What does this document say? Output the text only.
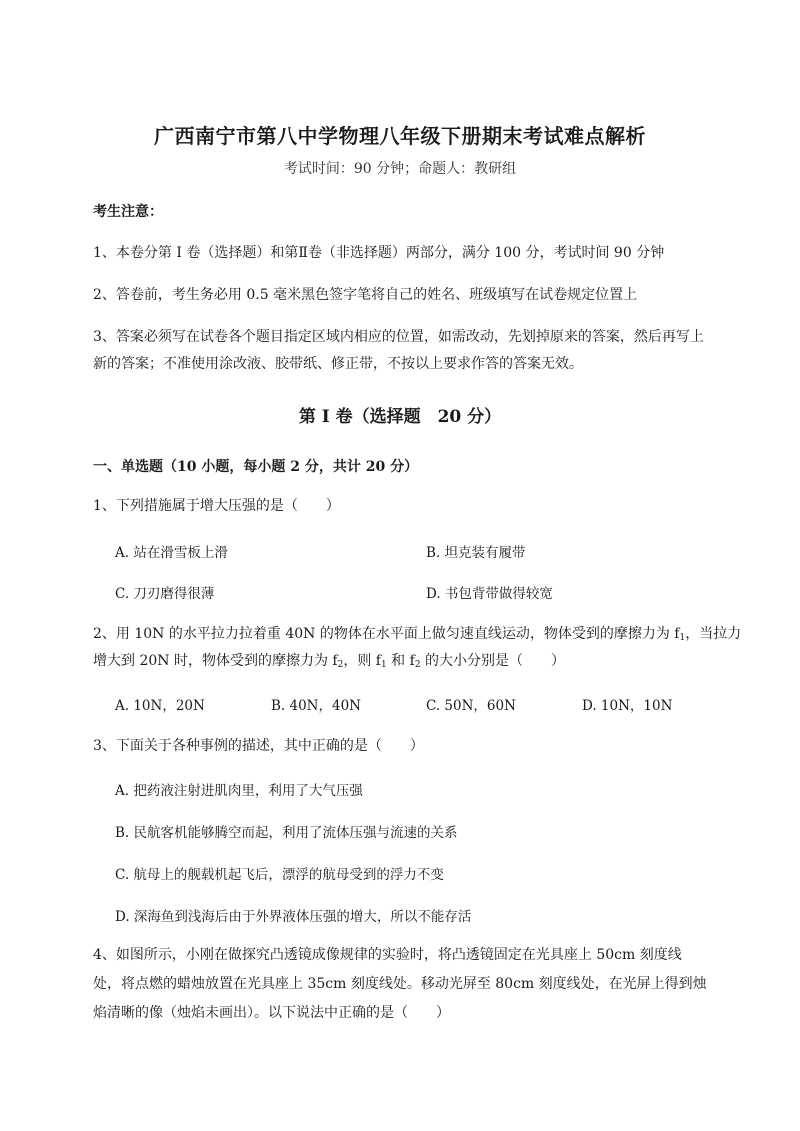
广西南宁市第八中学物理八年级下册期末考试难点解析
考试时间：90 分钟；命题人：教研组
考生注意：
1、本卷分第 I 卷（选择题）和第Ⅱ卷（非选择题）两部分，满分 100 分，考试时间 90 分钟
2、答卷前，考生务必用 0.5 毫米黑色签字笔将自己的姓名、班级填写在试卷规定位置上
3、答案必须写在试卷各个题目指定区域内相应的位置，如需改动，先划掉原来的答案，然后再写上新的答案；不准使用涂改液、胶带纸、修正带，不按以上要求作答的答案无效。
第 I 卷（选择题　20 分）
一、单选题（10 小题，每小题 2 分，共计 20 分）
1、下列措施属于增大压强的是（　　）
A. 站在滑雪板上滑	B. 坦克装有履带
C. 刀刃磨得很薄	D. 书包背带做得较宽
2、用 10N 的水平拉力拉着重 40N 的物体在水平面上做匀速直线运动，物体受到的摩擦力为 $f_1$，当拉力
增大到 20N 时，物体受到的摩擦力为 $f_2$，则 $f_1$ 和 $f_2$ 的大小分别是（　　）
A. 10N，20N	B. 40N，40N	C. 50N，60N	D. 10N，10N
3、下面关于各种事例的描述，其中正确的是（　　）
A. 把药液注射进肌肉里，利用了大气压强
B. 民航客机能够腾空而起，利用了流体压强与流速的关系
C. 航母上的舰载机起飞后，漂浮的航母受到的浮力不变
D. 深海鱼到浅海后由于外界液体压强的增大，所以不能存活
4、如图所示，小刚在做探究凸透镜成像规律的实验时，将凸透镜固定在光具座上 50cm 刻度线处，将点燃的蜡烛放置在光具座上 35cm 刻度线处。移动光屏至 80cm 刻度线处，在光屏上得到烛焰清晰的像（烛焰未画出）。以下说法中正确的是（　　）
